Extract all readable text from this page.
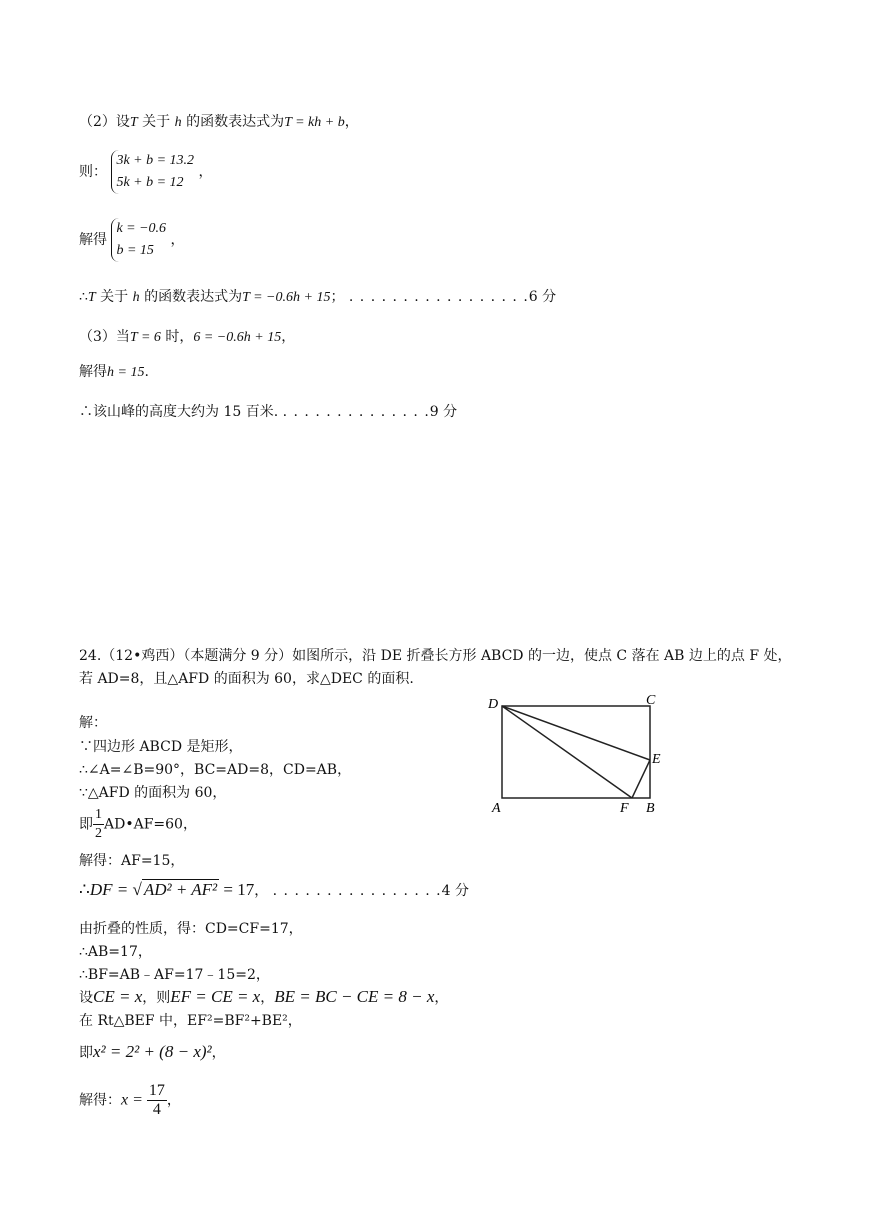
（2）设T 关于 h 的函数表达式为T = kh + b，
则：
3k + b = 13.2
5k + b = 12
，
解得
k = −0.6
b = 15
，
∴T 关于 h 的函数表达式为T = −0.6h + 15； . . . . . . . . . . . . . . . . .6 分
（3）当T = 6 时，6 = −0.6h + 15，
解得h = 15.
∴该山峰的高度大约为 15 百米. . . . . . . . . . . . . . .9 分
24.（12•鸡西）（本题满分 9 分）如图所示，沿 DE 折叠长方形 ABCD 的一边，使点 C 落在 AB 边上的点 F 处，
若 AD=8，且△AFD 的面积为 60，求△DEC 的面积.
解：
∵四边形 ABCD 是矩形，
∴∠A=∠B=90°，BC=AD=8，CD=AB，
∵△AFD 的面积为 60，
即 $\frac{1}{2}$ AD•AF=60，
解得：AF=15，
∴DF = √ AD² + AF² = 17， . . . . . . . . . . . . . . . .4 分
由折叠的性质，得：CD=CF=17，
∴AB=17，
∴BF=AB﹣AF=17﹣15=2，
设CE = x，则EF = CE = x，BE = BC − CE = 8 − x，
在 Rt△BEF 中，EF²=BF²+BE²，
即x² = 2² + (8 − x)²，
解得：$x = \frac{17}{4}$ ，
D	C
E
A	F B
